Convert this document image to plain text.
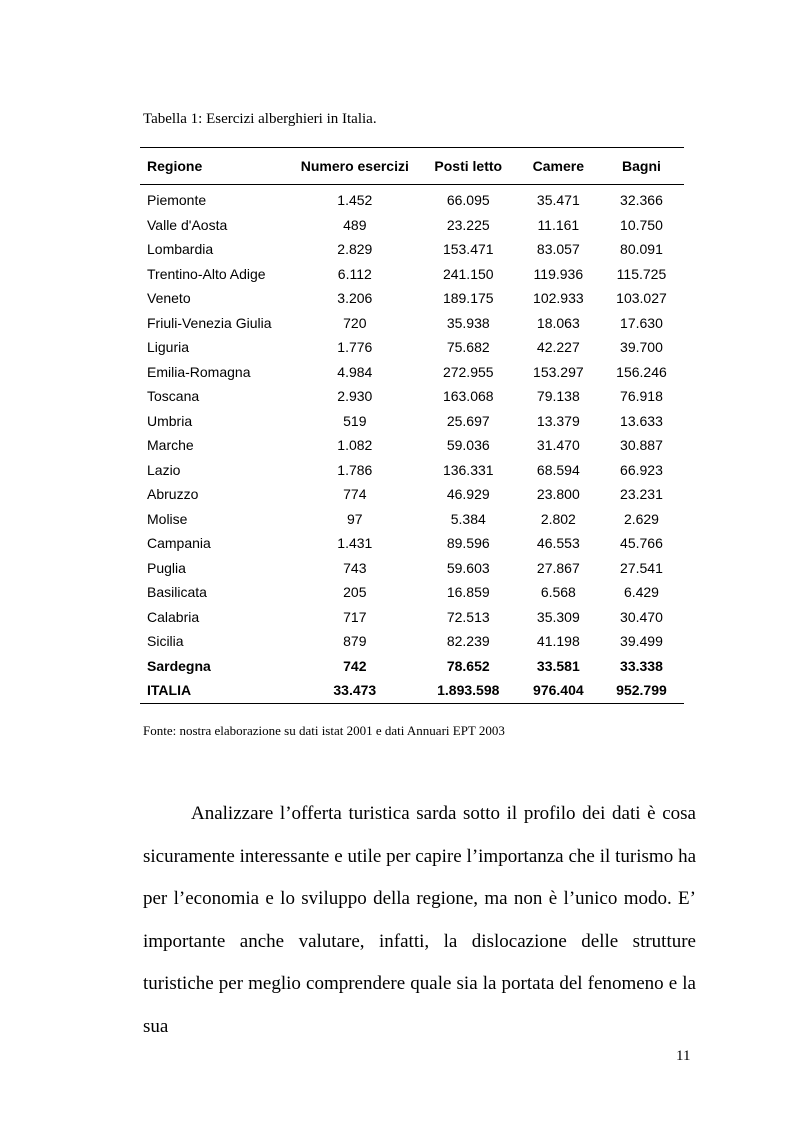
Tabella 1: Esercizi alberghieri in Italia.
Regione	Numero esercizi	Posti letto	Camere	Bagni
Piemonte	1.452	66.095	35.471	32.366
Valle d'Aosta	489	23.225	11.161	10.750
Lombardia	2.829	153.471	83.057	80.091
Trentino-Alto Adige	6.112	241.150	119.936	115.725
Veneto	3.206	189.175	102.933	103.027
Friuli-Venezia Giulia	720	35.938	18.063	17.630
Liguria	1.776	75.682	42.227	39.700
Emilia-Romagna	4.984	272.955	153.297	156.246
Toscana	2.930	163.068	79.138	76.918
Umbria	519	25.697	13.379	13.633
Marche	1.082	59.036	31.470	30.887
Lazio	1.786	136.331	68.594	66.923
Abruzzo	774	46.929	23.800	23.231
Molise	97	5.384	2.802	2.629
Campania	1.431	89.596	46.553	45.766
Puglia	743	59.603	27.867	27.541
Basilicata	205	16.859	6.568	6.429
Calabria	717	72.513	35.309	30.470
Sicilia	879	82.239	41.198	39.499
Sardegna	742	78.652	33.581	33.338
ITALIA	33.473	1.893.598	976.404	952.799
Fonte: nostra elaborazione su dati istat 2001 e dati Annuari EPT 2003

Analizzare l’offerta turistica sarda sotto il profilo dei dati è cosa sicuramente interessante e utile per capire l’importanza che il turismo ha per l’economia e lo sviluppo della regione, ma non è l’unico modo. E’ importante anche valutare, infatti, la dislocazione delle strutture turistiche per meglio comprendere quale sia la portata del fenomeno e la sua

11
